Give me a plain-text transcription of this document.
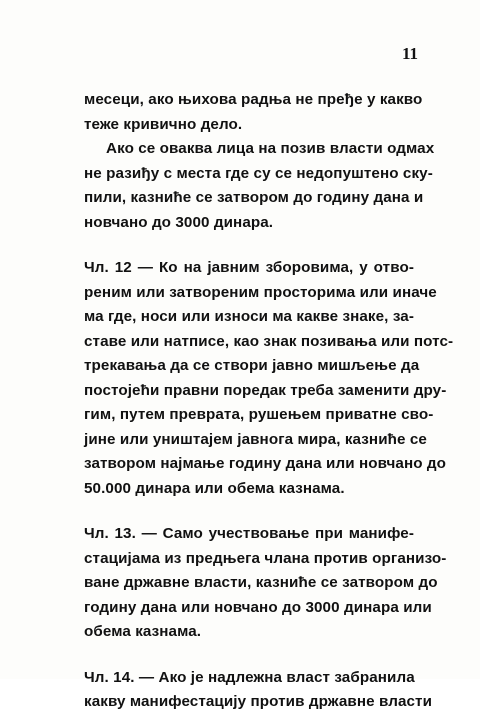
11

месеци, ако њихова радња не пређе у какво
теже кривично дело.

Ако се оваква лица на позив власти одмах
не разиђу с места где су се недопуштено ску-
пили, казниће се затвором до годину дана и
новчано до 3000 динара.

Чл. 12 — Ко на јавним зборовима, у отво-
реним или затвореним просторима или иначе
ма где, носи или износи ма какве знаке, за-
ставе или натписе, као знак позивања или потс-
трекавања да се створи јавно мишљење да
постојећи правни поредак треба заменити дру-
гим, путем преврата, рушењем приватне сво-
јине или уништајем јавнога мира, казниће се
затвором најмање годину дана или новчано до
50.000 динара или обема казнама.

Чл. 13. — Само учествовање при манифе-
стацијама из предњега члана против организо-
ване државне власти, казниће се затвором до
годину дана или новчано до 3000 динара или
обема казнама.

Чл. 14. — Ако је надлежна власт забранила
какву манифестацију против државне власти
